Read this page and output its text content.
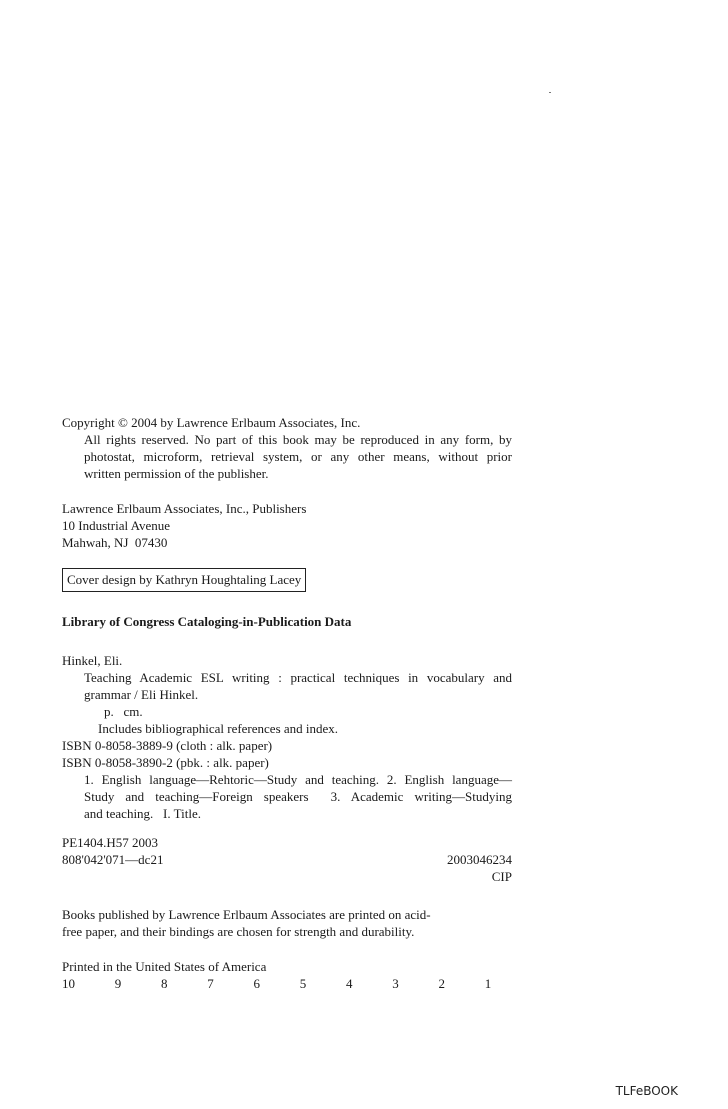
Copyright © 2004 by Lawrence Erlbaum Associates, Inc.

All rights reserved. No part of this book may be reproduced in any form, by

photostat, microform, retrieval system, or any other means, without prior

written permission of the publisher.

Lawrence Erlbaum Associates, Inc., Publishers

10 Industrial Avenue

Mahwah, NJ  07430

Cover design by Kathryn Houghtaling Lacey
Library of Congress Cataloging-in-Publication Data

Hinkel, Eli.

Teaching Academic ESL writing : practical techniques in vocabulary and

grammar / Eli Hinkel.

p.   cm.

Includes bibliographical references and index.

ISBN 0-8058-3889-9 (cloth : alk. paper)

ISBN 0-8058-3890-2 (pbk. : alk. paper)

1. English language—Rehtoric—Study and teaching. 2. English language—

Study and teaching—Foreign speakers  3. Academic writing—Studying

and teaching.   I. Title.

PE1404.H57 2003

808'042'071—dc21	2003046234

CIP

Books published by Lawrence Erlbaum Associates are printed on acid-

free paper, and their bindings are chosen for strength and durability.

Printed in the United States of America

10   9   8   7   6   5   4   3   2   1

TLFeBOOK
